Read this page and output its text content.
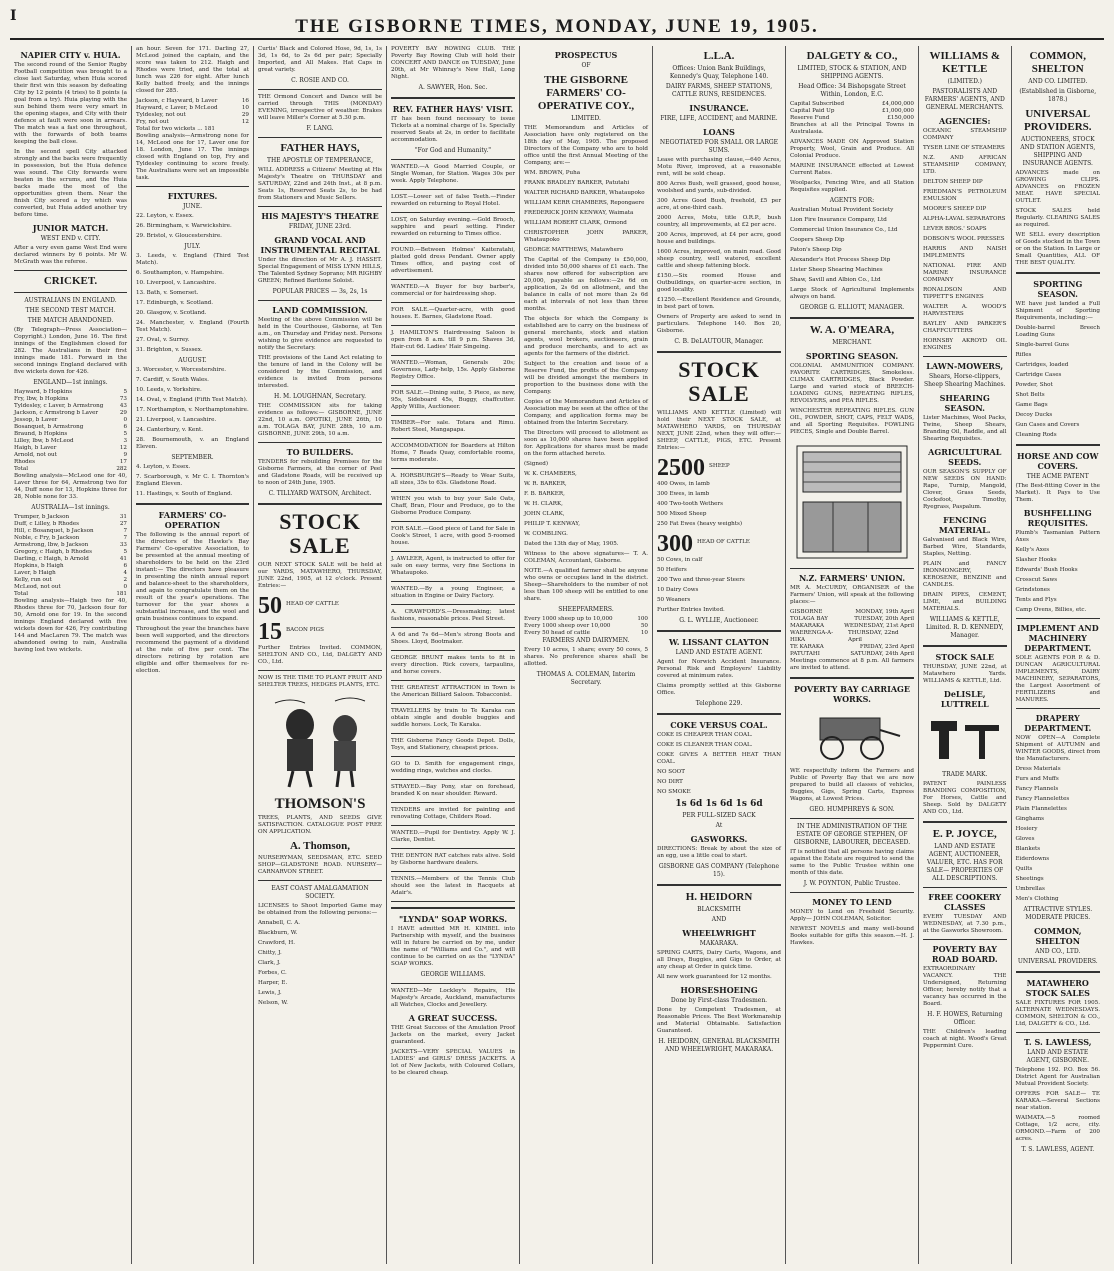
I	THE GISBORNE TIMES, MONDAY, JUNE 19, 1905.
NAPIER CITY v. HUIA.

The second round of the Senior Rugby Football competition was brought to a close last Saturday, when Huia scored their first win this season by defeating City by 12 points (4 tries) to 8 points (a goal from a try). Huia playing with the sun behind them were very smart in the opening stages, and City with their defence at fault were soon in arrears. The match was a fast one throughout, with the forwards of both teams keeping the ball close.

In the second spell City attacked strongly and the backs were frequently in possession, but the Huia defence was sound. The City forwards were beaten in the scrums, and the Huia backs made the most of the opportunities given them. Near the finish City scored a try which was converted, but Huia added another try before time.

JUNIOR MATCH.
WEST END v. CITY.

After a very even game West End were declared winners by 6 points. Mr W. McGrath was the referee.

CRICKET.
AUSTRALIANS IN ENGLAND.
THE SECOND TEST MATCH.
THE MATCH ABANDONED.

(By Telegraph—Press Association—Copyright.) London, June 16. The first innings of the Englishmen closed for 282. The Australians in their first innings made 181. Forward in the second innings England declared with five wickets down for 426.

ENGLAND—1st innings.
Hayward, b Hopkins	5
Fry, lbw, b Hopkins	73
Tyldesley, c Laver, b Armstrong	43
Jackson, c Armstrong b Laver	29
Jessop, b Laver	0
Bosanquet, b Armstrong	6
Braund, b Hopkins	5
Lilley, lbw, b McLeod	3
Haigh, b Laver	12
Arnold, not out	9
Rhodes	17
Total	282

Bowling analysis—McLeod one for 40, Laver three for 64, Armstrong two for 44, Duff none for 13, Hopkins three for 28, Noble none for 33.

AUSTRALIA—1st innings.
Trumper, b Jackson	31
Duff, c Lilley, b Rhodes	27
Hill, c Bosanquet, b Jackson	7
Noble, c Fry, b Jackson	7
Armstrong, lbw, b Jackson	33
Gregory, c Haigh, b Rhodes	5
Darling, c Haigh, b Arnold	41
Hopkins, b Haigh	6
Laver, b Haigh	4
Kelly, run out	2
McLeod, not out	0
Total	181

Bowling analysis—Haigh two for 40, Rhodes three for 70, Jackson four for 50, Arnold one for 19. In the second innings England declared with five wickets down for 426, Fry contributing 144 and MacLaren 79. The match was abandoned owing to rain, Australia having lost two wickets.

an hour. Seven for 171. Darling 27, McLeod joined the captain, and the score was taken to 212. Haigh and Rhodes were tried, and the total at lunch was 226 for eight. After lunch Kelly batted freely, and the innings closed for 285.

Jackson, c Hayward, b Laver	16
Hayward, c Laver, b McLeod	10
Tyldesley, not out	29
Fry, not out	12
Total for two wickets ... 181

Bowling analysis—Armstrong none for 14, McLeod one for 17, Laver one for 18. London, June 17. The innings closed with England on top, Fry and Tyldesley continuing to score freely. The Australians were set an impossible task.

FIXTURES.
JUNE.
22. Leyton, v. Essex.
26. Birmingham, v. Warwickshire.
29. Bristol, v. Gloucestershire.
JULY.
3. Leeds, v. England (Third Test Match).
6. Southampton, v. Hampshire.
10. Liverpool, v. Lancashire.
13. Bath, v. Somerset.
17. Edinburgh, v. Scotland.
20. Glasgow, v. Scotland.
24. Manchester, v. England (Fourth Test Match).
27. Oval, v. Surrey.
31. Brighton, v. Sussex.
AUGUST.
3. Worcester, v. Worcestershire.
7. Cardiff, v. South Wales.
10. Leeds, v. Yorkshire.
14. Oval, v. England (Fifth Test Match).
17. Northampton, v. Northamptonshire.
21. Liverpool, v. Lancashire.
24. Canterbury, v. Kent.
28. Bournemouth, v. an England Eleven.
SEPTEMBER.
4. Leyton, v. Essex.
7. Scarborough, v. Mr C. I. Thornton's England Eleven.
11. Hastings, v. South of England.
FARMERS' CO-OPERATION

The following is the annual report of the directors of the Hawke's Bay Farmers' Co-operative Association, to be presented at the annual meeting of shareholders to be held on the 23rd instant:— The directors have pleasure in presenting the ninth annual report and balance-sheet to the shareholders, and again to congratulate them on the result of the year's operations. The turnover for the year shows a substantial increase, and the wool and grain business continues to expand.

Throughout the year the branches have been well supported, and the directors recommend the payment of a dividend at the rate of five per cent. The directors retiring by rotation are eligible and offer themselves for re-election.

Curtis' Black and Colored Hose, 9d, 1s, 1s 3d, 1s 6d, to 2s 6d per pair; Specially Imported, and All Makes. Hat Caps in great variety.

C. ROSIE AND CO.

THE Ormond Concert and Dance will be carried through THIS (MONDAY) EVENING, irrespective of weather. Brakes will leave Miller's Corner at 5.30 p.m.

F. LANG.
FATHER HAYS,
THE APOSTLE OF TEMPERANCE,

WILL ADDRESS a Citizens' Meeting at His Majesty's Theatre on THURSDAY and SATURDAY, 22nd and 24th Inst., at 8 p.m. Seats 1s, Reserved Seats 2s, to be had from Stationers and Music Sellers.

HIS MAJESTY'S THEATRE
FRIDAY, JUNE 23rd.
GRAND VOCAL AND INSTRUMENTAL RECITAL

Under the direction of Mr A. J. HASSET. Special Engagement of MISS LYNN HILLS, The Talented Sydney Soprano; MR RIGHBY GREEN; Refined Baritone Soloist.

POPULAR PRICES — 3s, 2s, 1s
LAND COMMISSION.

Meeting of the above Commission will be held in the Courthouse, Gisborne, at Ten a.m., on Thursday and Friday next. Persons wishing to give evidence are requested to notify the Secretary.

THE provisions of the Land Act relating to the tenure of land in the Colony will be considered by the Commission, and evidence is invited from persons interested.

H. M. LOUGHNAN, Secretary.

THE COMMISSION sits for taking evidence as follows:— GISBORNE, JUNE 22nd, 10 a.m. OPOTIKI, JUNE 26th, 10 a.m. TOLAGA BAY, JUNE 28th, 10 a.m. GISBORNE, JUNE 29th, 10 a.m.

TO BUILDERS.

TENDERS for rebuilding Premises for the Gisborne Farmers, at the corner of Peel and Gladstone Roads, will be received up to noon of 24th June, 1905.

C. TILLYARD WATSON, Architect.
STOCK SALE

OUR NEXT STOCK SALE will be held at our YARDS, MATAWHERO, THURSDAY, JUNE 22nd, 1905, at 12 o'clock. Present Entries:—

50 HEAD OF CATTLE
15 BACON PIGS

Further Entries Invited. COMMON, SHELTON AND CO., Ltd, DALGETY AND CO., Ltd.

NOW IS THE TIME TO PLANT FRUIT AND SHELTER TREES, HEDGES PLANTS, ETC.

THOMSON'S

TREES, PLANTS, AND SEEDS GIVE SATISFACTION. CATALOGUE POST FREE ON APPLICATION.

A. Thomson,

NURSERYMAN, SEEDSMAN, ETC. SEED SHOP—GLADSTONE ROAD. NURSERY—CARNARVON STREET.

EAST COAST AMALGAMATION SOCIETY.

LICENSES to Shoot Imported Game may be obtained from the following persons:—

Annabell, C. A.
Blackburn, W.
Crawford, H.
Chitty, J.
Clark, J.
Forbes, C.
Harper, E.
Lewis, J.
Nelson, W.

POVERTY BAY ROWING CLUB. THE Poverty Bay Rowing Club will hold their CONCERT AND DANCE on TUESDAY, June 20th, at Mr Whinray's New Hall, Long Night.

A. SAWYER, Hon. Sec.
REV. FATHER HAYS' VISIT.

IT has been found necessary to issue Tickets at a nominal charge of 1s. Specially reserved Seats at 2s, in order to facilitate accommodation.

"For God and Humanity."

WANTED.—A Good Married Couple, or Single Woman, for Station. Wages 30s per week. Apply Telephone.

LOST.—Lower set of false Teeth.—Finder rewarded on returning to Royal Hotel.

LOST, on Saturday evening.—Gold Brooch, sapphire and pearl setting. Finder rewarded on returning to Times office.

FOUND.—Between Holmes' Kaiteratahi, plaited gold dress Pendant. Owner apply Times office, and paying cost of advertisement.

WANTED.—A Buyer for buy barber's, commercial or for hairdressing shop.

FOR SALE.—Quarter-acre, with good houses. E. Barnes, Gladstone Road.

J. HAMILTON'S Hairdressing Saloon is open from 8 a.m. till 9 p.m. Shaves 3d, Hair-cut 6d. Ladies' Hair Singeing.

WANTED.—Woman, Generals 20s; Governess, Lady-help, 15s. Apply Gisborne Registry Office.

FOR SALE.—Dining suite, 5 Piece, as new, 95s, Sideboard 45s, Buggy, chaffcutter. Apply Willis, Auctioneer.

TIMBER—For sale. Totara and Rimu. Robert Steel, Mangapapa.

ACCOMMODATION for Boarders at Hilton Home, 7 Reads Quay, comfortable rooms, terms moderate.

A. HORSBURGH'S—Ready to Wear Suits, all sizes, 35s to 63s. Gladstone Road.

WHEN you wish to buy your Sale Oats, Chaff, Bran, Flour and Produce, go to the Gisborne Produce Company.

FOR SALE.—Good piece of Land for Sale in Cook's Street, 1 acre, with good 5-roomed house.

J. AWLEER, Agent, is instructed to offer for sale on easy terms, very fine Sections in Whataupoko.

WANTED.—By a young Engineer, a situation in Engine or Dairy Factory.

A. CRAWFORD'S.—Dressmaking; latest fashions, reasonable prices. Peel Street.

A 6d and 7s 6d—Men's strong Boots and Shoes. Lloyd, Bootmaker.

GEORGE BRUNT makes tents to fit in every direction. Rick covers, tarpaulins, and horse covers.

THE GREATEST ATTRACTION in Town is the American Billiard Saloon. Tobacconist.

TRAVELLERS by train to Te Karaka can obtain single and double buggies and saddle horses. Lock, Te Karaka.

THE Gisborne Fancy Goods Depot. Dolls, Toys, and Stationery, cheapest prices.

GO to D. Smith for engagement rings, wedding rings, watches and clocks.

STRAYED.—Bay Pony, star on forehead, branded K on near shoulder. Reward.

TENDERS are invited for painting and renovating Cottage, Childers Road.

WANTED.—Pupil for Dentistry. Apply W. J. Clarke, Dentist.

THE DENTON RAT catches rats alive. Sold by Gisborne hardware dealers.

TENNIS.—Members of the Tennis Club should see the latest in Racquets at Adair's.

"LYNDA" SOAP WORKS.

I HAVE admitted MR H. KIMBEL into Partnership with myself, and the business will in future be carried on by me, under the name of "Williams and Co.", and will continue to be carried on as the "LYNDA" SOAP WORKS.

GEORGE WILLIAMS.

WANTED—Mr Lockley's Repairs, His Majesty's Arcade, Auckland, manufactures all Watches, Clocks and Jewellery.

A GREAT SUCCESS.

THE Great Success of the Amulation Proof Jackets on the market, every Jacket guaranteed.

JACKETS—VERY SPECIAL VALUES in LADIES' and GIRLS' DRESS JACKETS. A lot of New Jackets, with Coloured Collars, to be cleared cheap.

PROSPECTUS
OF
THE GISBORNE FARMERS' CO-OPERATIVE COY.,
LIMITED.

THE Memorandum and Articles of Association have only registered on the 18th day of May, 1905. The proposed Directors of the Company who are to hold office until the first Annual Meeting of the Company, are:—

WM. BROWN, Puha
FRANK BRADLEY BARKER, Patutahi
WALTER RICHARD BARKER, Whataupoko
WILLIAM KERR CHAMBERS, Repongaere
FREDERICK JOHN KENWAY, Waimata
WILLIAM ROBERT CLARK, Ormond
CHRISTOPHER JOHN PARKER, Whataupoko
GEORGE MATTHEWS, Matawhero

The Capital of the Company is £50,000, divided into 50,000 shares of £1 each. The shares now offered for subscription are 20,000, payable as follows:—2s 6d on application, 2s 6d on allotment, and the balance in calls of not more than 2s 6d each at intervals of not less than three months.

The objects for which the Company is established are to carry on the business of general merchants, stock and station agents, wool brokers, auctioneers, grain and produce merchants, and to act as agents for the farmers of the district.

Subject to the creation and issue of a Reserve Fund, the profits of the Company will be divided amongst the members in proportion to the business done with the Company.

Copies of the Memorandum and Articles of Association may be seen at the office of the Company, and application forms may be obtained from the Interim Secretary.

The Directors will proceed to allotment as soon as 10,000 shares have been applied for. Applications for shares must be made on the form attached hereto.

(Signed)
W. K. CHAMBERS,
W. R. BARKER,
F. B. BARKER,
W. H. CLARK,
JOHN CLARK,
PHILIP T. KENWAY,
W. COMBLING.

Dated the 13th day of May, 1905.

Witness to the above signatures— T. A. COLEMAN, Accountant, Gisborne.

NOTE.—A qualified farmer shall be anyone who owns or occupies land in the district. Sheep—Shareholders to the number of not less than 100 sheep will be entitled to one share.

SHEEPFARMERS.
Every 1000 sheep up to 10,000	100
Every 1000 sheep over 10,000	50
Every 50 head of cattle	10
FARMERS AND DAIRYMEN.

Every 10 acres, 1 share; every 50 cows, 5 shares. No preference shares shall be allotted.

THOMAS A. COLEMAN, Interim Secretary.
L.L.A.
Offices: Union Bank Buildings, Kennedy's Quay, Telephone 140.
DAIRY FARMS, SHEEP STATIONS, CATTLE RUNS, RESIDENCES.
INSURANCE.
FIRE, LIFE, ACCIDENT, and MARINE.
LOANS
NEGOTIATED FOR SMALL OR LARGE SUMS.
Lease with purchasing clause,—640 Acres, Motu River, improved, at a reasonable rent, will be sold cheap.
800 Acres Bush, well grassed, good house, woolshed and yards, sub-divided.
300 Acres Good Bush, freehold, £5 per acre, at one-third cash.
2000 Acres, Motu, title O.R.P., bush country, all improvements, at £2 per acre.
200 Acres, improved, at £4 per acre, good house and buildings.
1600 Acres, improved, on main road. Good sheep country, well watered, excellent cattle and sheep fattening block.
£150.—Six roomed House and Outbuildings, on quarter-acre section, in good locality.
£1250.—Excellent Residence and Grounds, in best part of town.

Owners of Property are asked to send in particulars. Telephone 140. Box 20, Gisborne.

C. B. DeLAUTOUR, Manager.
STOCK SALE

WILLIAMS AND KETTLE (Limited) will hold their NEXT STOCK SALE, at MATAWHERO YARDS, on THURSDAY NEXT, JUNE 22nd, when they will offer:— SHEEP, CATTLE, PIGS, ETC. Present Entries:—

2500 SHEEP
400 Owes, in lamb
300 Ewes, in lamb
400 Two-tooth Wethers
500 Mixed Sheep
250 Fat Ewes (heavy weights)
300 HEAD OF CATTLE
50 Cows, in calf
50 Heifers
200 Two and three-year Steers
10 Dairy Cows
50 Weaners

Further Entries Invited.

G. L. WYLLIE, Auctioneer.
W. LISSANT CLAYTON
LAND AND ESTATE AGENT.

Agent for Norwich Accident Insurance. Personal Risk and Employers' Liability covered at minimum rates.

Claims promptly settled at this Gisborne Office.

Telephone 229.
COKE VERSUS COAL.
COKE IS CHEAPER THAN COAL.
COKE IS CLEANER THAN COAL.
COKE GIVES A BETTER HEAT THAN COAL.
NO SOOT
NO DIRT
NO SMOKE
1s 6d 1s 6d 1s 6d
PER FULL-SIZED SACK
At
GASWORKS.

DIRECTIONS: Break by about the size of an egg, use a little coal to start.

GISBORNE GAS COMPANY (Telephone 15).
H. HEIDORN
BLACKSMITH
AND
WHEELWRIGHT
MAKARAKA.

SPRING CARTS, Dairy Carts, Wagons, and all Drays, Buggies, and Gigs to Order, at any cheap at Order in quick time.

All new work guaranteed for 12 months.

HORSESHOEING
Done by First-class Tradesmen.

Done by Competent Tradesmen, at Reasonable Prices. The Best Workmanship and Material Obtainable. Satisfaction Guaranteed.

H. HEIDORN, GENERAL BLACKSMITH AND WHEELWRIGHT, MAKARAKA.
DALGETY & CO.,
LIMITED, STOCK & STATION, AND SHIPPING AGENTS.
Head Office: 34 Bishopsgate Street Within, London, E.C.
Capital Subscribed	£4,000,000
Capital Paid Up	£1,000,000
Reserve Fund	£150,000

Branches at all the Principal Towns in Australasia.

ADVANCES MADE ON Approved Station Property, Wool, Grain and Produce. All Colonial Produce.

MARINE INSURANCE effected at Lowest Current Rates.

Woolpacks, Fencing Wire, and all Station Requisites supplied.

AGENTS FOR:
Australian Mutual Provident Society
Lion Fire Insurance Company, Ltd
Commercial Union Insurance Co., Ltd
Coopers Sheep Dip
Paton's Sheep Dip
Alexander's Hot Process Sheep Dip
Lister Sheep Shearing Machines
Shaw, Savill and Albion Co., Ltd

Large Stock of Agricultural Implements always on hand.

GEORGE G. ELLIOTT, MANAGER.
W. A. O'MEARA,
MERCHANT.
SPORTING SEASON.

COLONIAL AMMUNITION COMPANY. FAVORITE CARTRIDGES, Smokeless. CLIMAX CARTRIDGES, Black Powder. Large and varied stock of BREECH-LOADING GUNS, REPEATING RIFLES, REVOLVERS, and PEA RIFLES.

WINCHESTER REPEATING RIFLES. GUN OIL, POWDER, SHOT, CAPS, FELT WADS, and all Sporting Requisites. FOWLING PIECES, Single and Double Barrel.

N.Z. FARMERS' UNION.

MR A. McCURDY, ORGANISER of the Farmers' Union, will speak at the following places:—

GISBORNE	MONDAY, 19th April
TOLAGA BAY	TUESDAY, 20th April
MAKARAKA	WEDNESDAY, 21st April
WAERENGA-A-HIKA
THURSDAY, 22nd April
TE KARAKA	FRIDAY, 23rd April
PATUTAHI	SATURDAY, 24th April

Meetings commence at 8 p.m. All farmers are invited to attend.

POVERTY BAY CARRIAGE WORKS.

WE respectfully inform the Farmers and Public of Poverty Bay that we are now prepared to build all classes of vehicles, Buggies, Gigs, Spring Carts, Express Wagons, at Lowest Prices.

GEO. HUMPHREYS & SON.
IN THE ADMINISTRATION OF THE ESTATE OF GEORGE STEPHEN, OF GISBORNE, LABOURER, DECEASED.

IT is notified that all persons having claims against the Estate are required to send the same to the Public Trustee within one month of this date.

J. W. POYNTON, Public Trustee.
MONEY TO LEND

MONEY to Lend on Freehold Security. Apply— JOHN COLEMAN, Solicitor.

NEWEST NOVELS and many well-bound Books suitable for gifts this season.—H. J. Hawkes.

WILLIAMS & KETTLE
(LIMITED.)
PASTORALISTS AND FARMERS' AGENTS, AND GENERAL MERCHANTS.
AGENCIES:
OCEANIC STEAMSHIP COMPANY
TYSER LINE OF STEAMERS
N.Z. AND AFRICAN STEAMSHIP COMPANY, LTD.
DELTON SHEEP DIP
FRIEDMAN'S PETROLEUM EMULSION
MOORE'S SHEEP DIP
ALPHA-LAVAL SEPARATORS
LEVER BROS.' SOAPS
DOBSON'S WOOL PRESSES
HARRIS AND NAISH IMPLEMENTS
NATIONAL FIRE AND MARINE INSURANCE COMPANY
RONALDSON AND TIPPETT'S ENGINES
WALTER A. WOOD'S HARVESTERS
BAYLEY AND PARKER'S CHAFFCUTTERS
HORNSBY AKROYD OIL ENGINES
LAWN-MOWERS,
Shears, Horse-clippers, Sheep Shearing Machines.
SHEARING SEASON.

Lister Machines, Wool Packs, Twine, Sheep Shears, Branding Oil, Raddle, and all Shearing Requisites.

AGRICULTURAL SEEDS.

OUR SEASON'S SUPPLY OF NEW SEEDS ON HAND: Rape, Turnip, Mangold, Clover, Grass Seeds, Cocksfoot, Timothy, Ryegrass, Paspalum.

FENCING MATERIAL.

Galvanised and Black Wire, Barbed Wire, Standards, Staples, Netting.

PLAIN and FANCY IRONMONGERY, KEROSENE, BENZINE and CANDLES.

DRAIN PIPES, CEMENT, LIME, and BUILDING MATERIALS.

WILLIAMS & KETTLE, Limited. R. D. KENNEDY, Manager.
STOCK SALE

THURSDAY, JUNE 22nd, at Matawhero Yards. WILLIAMS & KETTLE, Ltd.

DeLISLE, LUTTRELL
TRADE MARK.

PATENT PAINLESS BRANDING COMPOSITION, For Horses, Cattle and Sheep. Sold by DALGETY AND CO., Ltd.

E. P. JOYCE,
LAND AND ESTATE AGENT, AUCTIONEER, VALUER, ETC. HAS FOR SALE— PROPERTIES OF ALL DESCRIPTIONS.
FREE COOKERY CLASSES

EVERY TUESDAY AND WEDNESDAY, at 7.30 p.m., at the Gasworks Showroom.

POVERTY BAY ROAD BOARD.

EXTRAORDINARY VACANCY. THE Undersigned, Returning Officer, hereby notify that a vacancy has occurred in the Board.

H. F. HOWES, Returning Officer.

THE Children's leading coach at night. Wood's Great Peppermint Cure.

COMMON, SHELTON
AND CO. LIMITED.
(Established in Gisborne, 1878.)
UNIVERSAL PROVIDERS.
AUCTIONEERS, STOCK AND STATION AGENTS, SHIPPING AND INSURANCE AGENTS.

ADVANCES made on GROWING CLIPS. ADVANCES on FROZEN MEAT. HAVE SPECIAL OUTLET.

STOCK SALES held Regularly. CLEARING SALES as required.

WE SELL every description of Goods stocked in the Town or on the Station. In Large or Small Quantities, ALL OF THE BEST QUALITY.

SPORTING SEASON.

WE have just landed a Full Shipment of Sporting Requirements, including:—

Double-barrel Breech Loading Guns
Single-barrel Guns
Rifles
Cartridges, loaded
Cartridge Cases
Powder, Shot
Shot Belts
Game Bags
Decoy Ducks
Gun Cases and Covers
Cleaning Rods
HORSE AND COW COVERS.
THE ACME PATENT

(The Best-fitting Cover in the Market). It Pays to Use Them.

BUSHFELLING REQUISITES.
Plumb's Tasmanian Pattern Axes
Kelly's Axes
Slasher Hooks
Edwards' Bush Hooks
Crosscut Saws
Grindstones
Tents and Flys
Camp Ovens, Billies, etc.
IMPLEMENT AND MACHINERY DEPARTMENT.

SOLE AGENTS FOR P. & D. DUNCAN AGRICULTURAL IMPLEMENTS, DAIRY MACHINERY, SEPARATORS, the Largest Assortment of FERTILIZERS and MANURES.

DRAPERY DEPARTMENT.

NOW OPEN—A Complete Shipment of AUTUMN and WINTER GOODS, direct from the Manufacturers.

Dress Materials
Furs and Muffs
Fancy Flannels
Fancy Flannelettes
Plain Flannelettes
Ginghams
Hosiery
Gloves
Blankets
Eiderdowns
Quilts
Sheetings
Umbrellas
Men's Clothing
ATTRACTIVE STYLES. MODERATE PRICES.
COMMON, SHELTON
AND CO., LTD.
UNIVERSAL PROVIDERS.
MATAWHERO STOCK SALES

SALE FIXTURES FOR 1905. ALTERNATE WEDNESDAYS. COMMON, SHELTON & CO., Ltd, DALGETY & CO., Ltd.

T. S. LAWLESS,
LAND AND ESTATE AGENT, GISBORNE.

Telephone 192. P.O. Box 56. District Agent for Australian Mutual Provident Society.

OFFERS FOR SALE— TE KARAKA.—Several Sections near station.

WAIMATA.—5 roomed Cottage, 1/2 acre, city. ORMOND.—Farm of 200 acres.

T. S. LAWLESS, AGENT.
